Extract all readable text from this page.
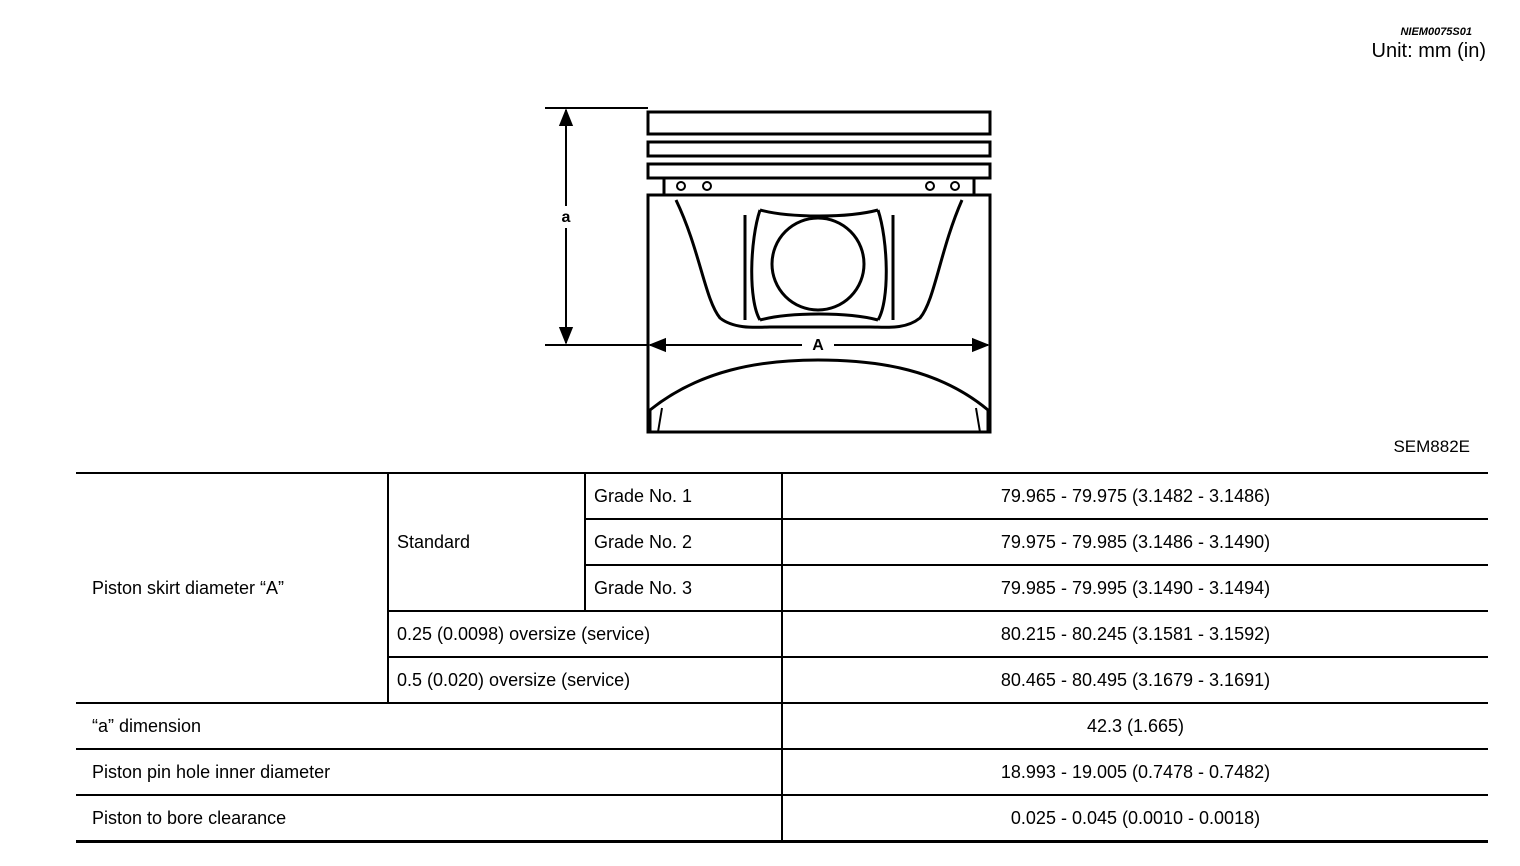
NIEM0075S01
Unit: mm (in)
a
A
SEM882E
Piston skirt diameter “A”	Standard	Grade No. 1	79.965 - 79.975 (3.1482 - 3.1486)
		Grade No. 2	79.975 - 79.985 (3.1486 - 3.1490)
		Grade No. 3	79.985 - 79.995 (3.1490 - 3.1494)
	0.25 (0.0098) oversize (service)		80.215 - 80.245 (3.1581 - 3.1592)
	0.5 (0.020) oversize (service)		80.465 - 80.495 (3.1679 - 3.1691)
“a” dimension			42.3 (1.665)
Piston pin hole inner diameter			18.993 - 19.005 (0.7478 - 0.7482)
Piston to bore clearance			0.025 - 0.045 (0.0010 - 0.0018)
